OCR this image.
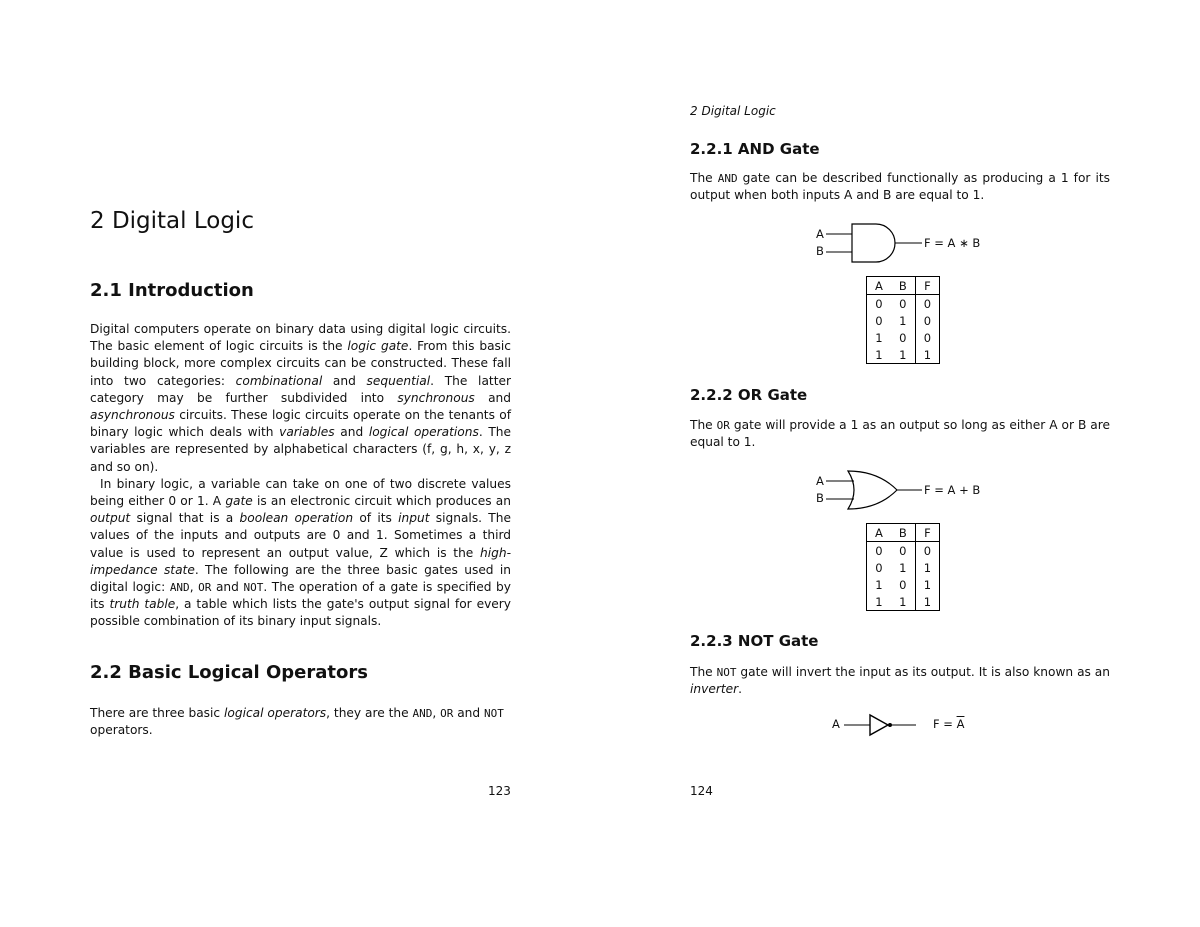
2 Digital Logic
2.1 Introduction

Digital computers operate on binary data using digital logic circuits. The basic element of logic circuits is the logic gate. From this basic building block, more complex circuits can be constructed. These fall into two categories: combinational and sequential. The latter category may be further subdivided into synchronous and asynchronous circuits. These logic circuits operate on the tenants of binary logic which deals with variables and logical operations. The variables are represented by alphabetical characters (f, g, h, x, y, z and so on).

In binary logic, a variable can take on one of two discrete values being either 0 or 1. A gate is an electronic circuit which produces an output signal that is a boolean operation of its input signals. The values of the inputs and outputs are 0 and 1. Sometimes a third value is used to represent an output value, Z which is the high-impedance state. The following are the three basic gates used in digital logic: AND, OR and NOT. The operation of a gate is specified by its truth table, a table which lists the gate's output signal for every possible combination of its binary input signals.

2.2 Basic Logical Operators

There are three basic logical operators, they are the AND, OR and NOT operators.

123
2 Digital Logic
2.2.1 AND Gate

The AND gate can be described functionally as producing a 1 for its output when both inputs A and B are equal to 1.

A
B
F = A ∗ B
A	B	F
0	0	0
0	1	0
1	0	0
1	1	1
2.2.2 OR Gate

The OR gate will provide a 1 as an output so long as either A or B are equal to 1.

A
B
F = A + B
A	B	F
0	0	0
0	1	1
1	0	1
1	1	1
2.2.3 NOT Gate

The NOT gate will invert the input as its output. It is also known as an inverter.

A	$F = \overline{A}$
124
